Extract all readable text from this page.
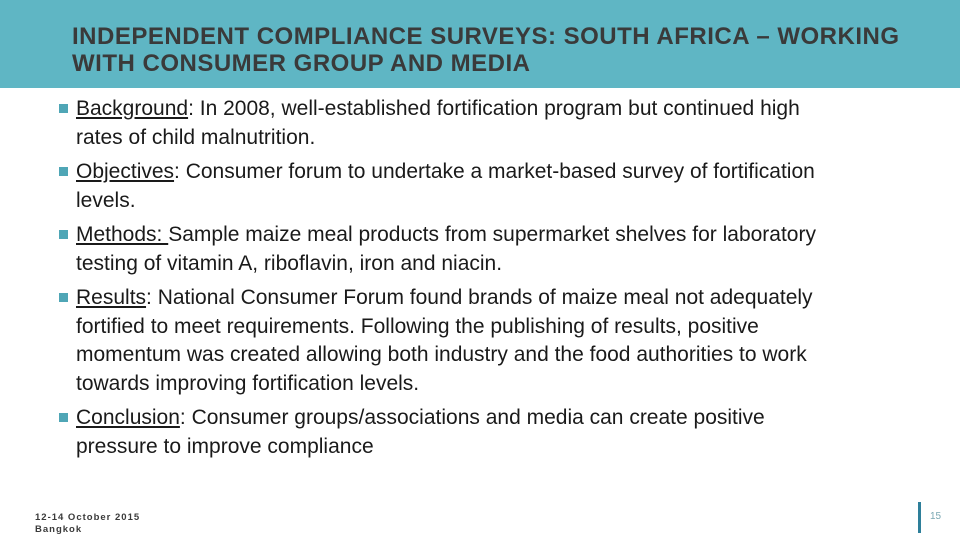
INDEPENDENT COMPLIANCE SURVEYS: SOUTH AFRICA – WORKING WITH CONSUMER GROUP AND MEDIA
Background: In 2008, well-established fortification program but continued high rates of child malnutrition.
Objectives: Consumer forum to undertake a market-based survey of fortification levels.
Methods: Sample maize meal products from supermarket shelves for laboratory testing of vitamin A, riboflavin, iron and niacin.
Results: National Consumer Forum found brands of maize meal not adequately fortified to meet requirements. Following the publishing of results, positive momentum was created allowing both industry and the food authorities to work towards improving fortification levels.
Conclusion: Consumer groups/associations and media can create positive pressure to improve compliance
12-14 October 2015
Bangkok
15
